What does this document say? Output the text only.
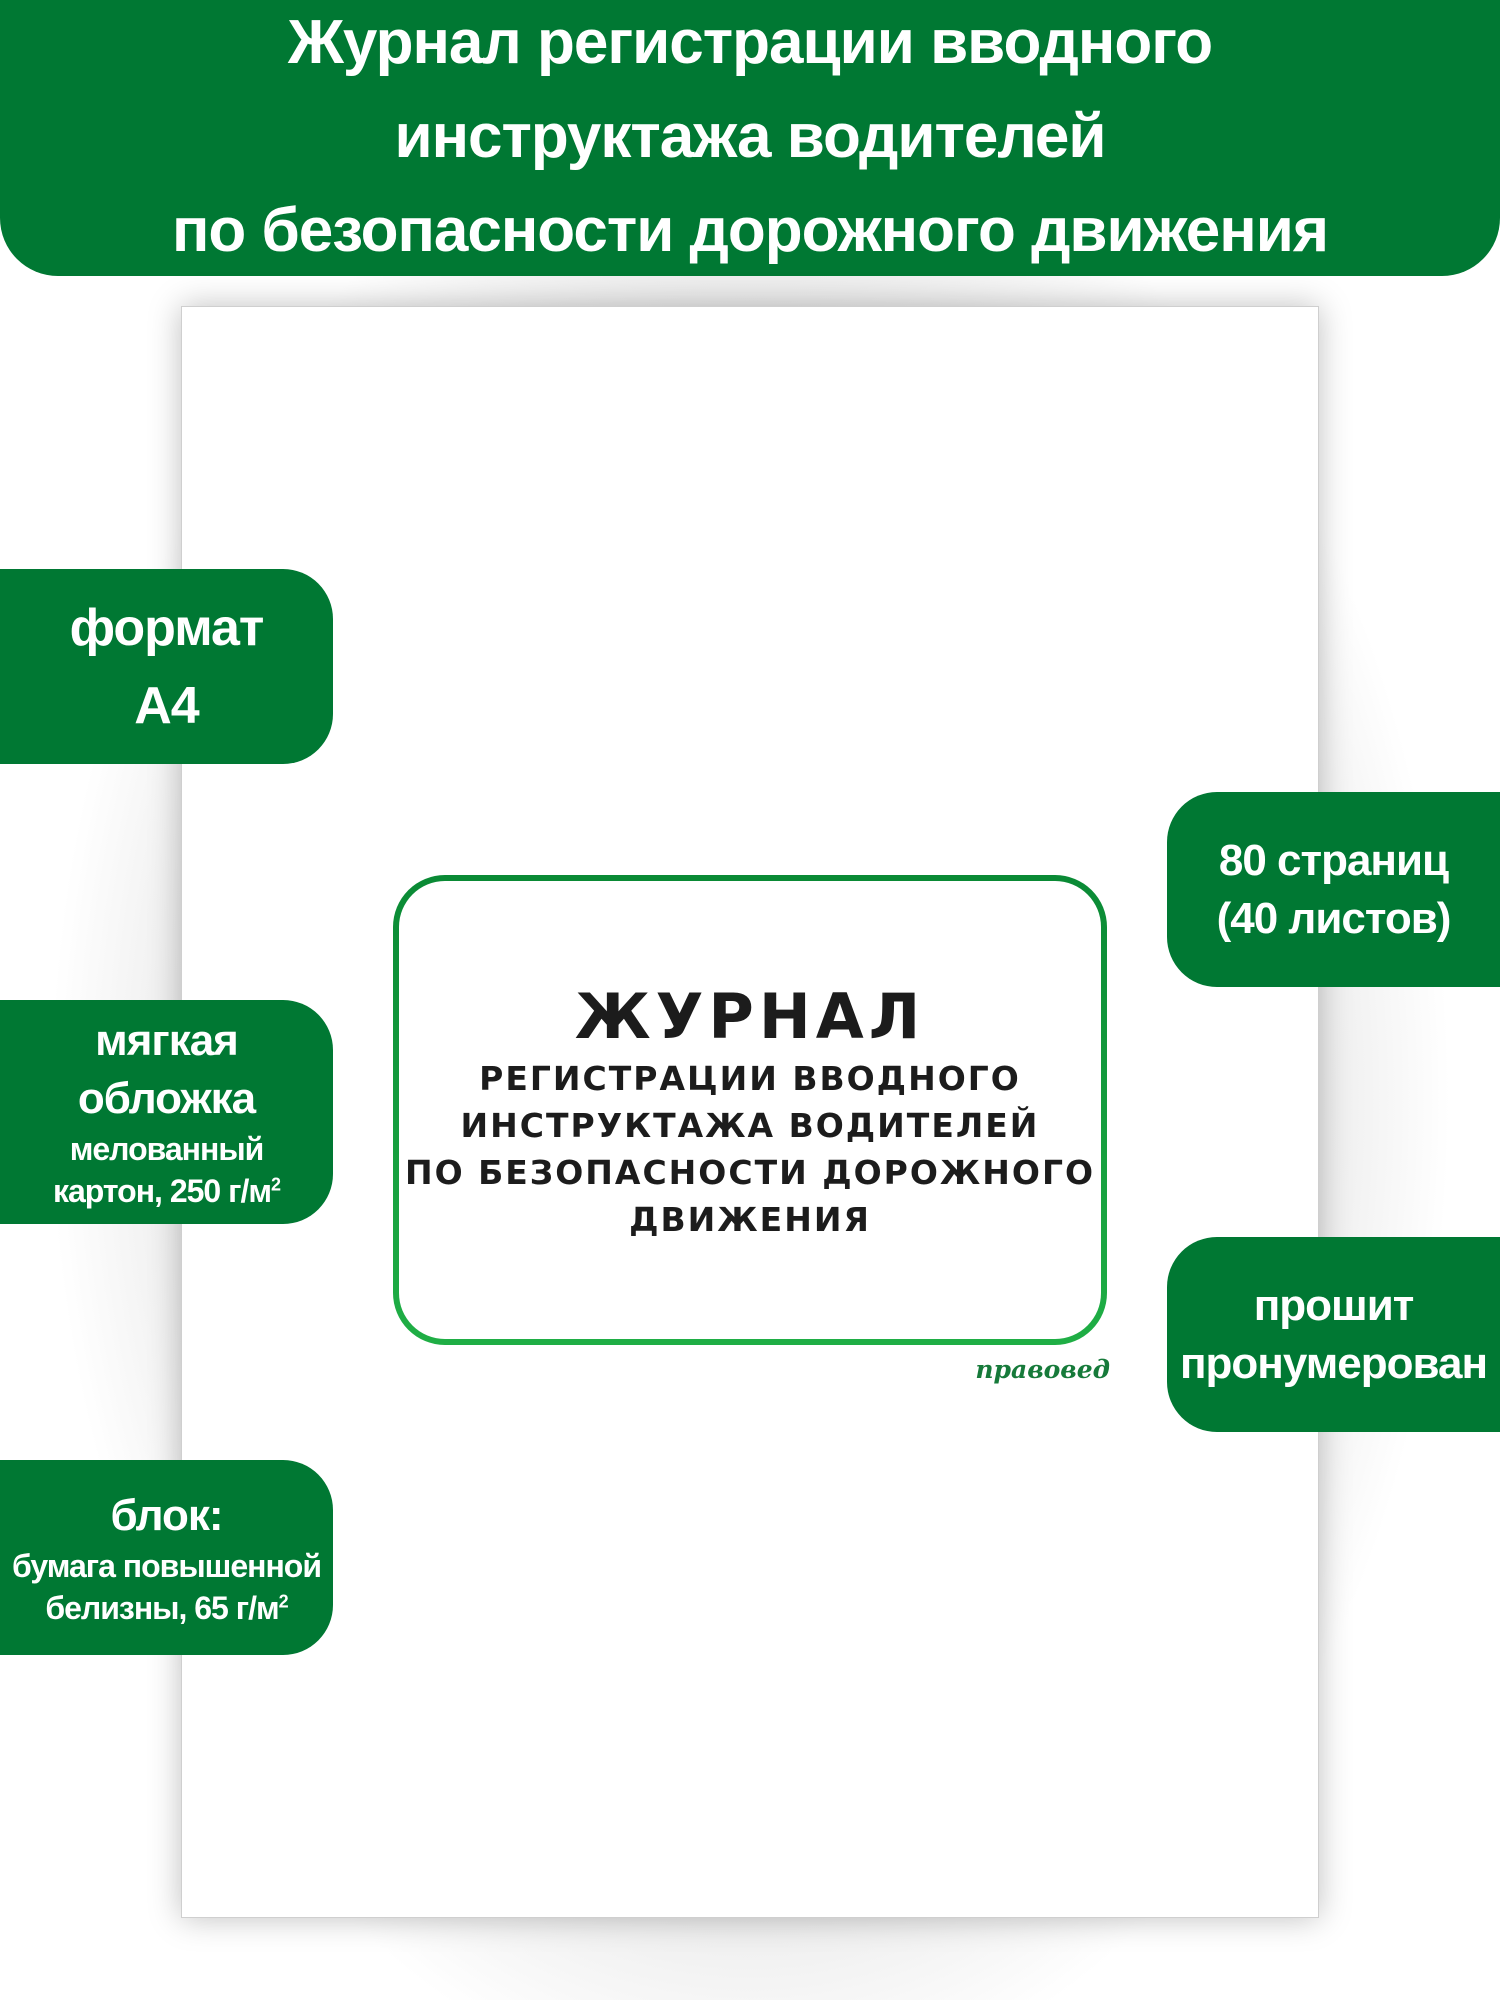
Журнал регистрации вводного
инструктажа водителей
по безопасности дорожного движения
ЖУРНАЛ
РЕГИСТРАЦИИ ВВОДНОГО
ИНСТРУКТАЖА ВОДИТЕЛЕЙ
ПО БЕЗОПАСНОСТИ ДОРОЖНОГО
ДВИЖЕНИЯ
правовед
формат
А4
мягкая
обложка
мелованный
картон, 250 $г/м^2$
блок:
бумага повышенной
белизны, 65 $г/м^2$
80 страниц
(40 листов)
прошит
пронумерован
